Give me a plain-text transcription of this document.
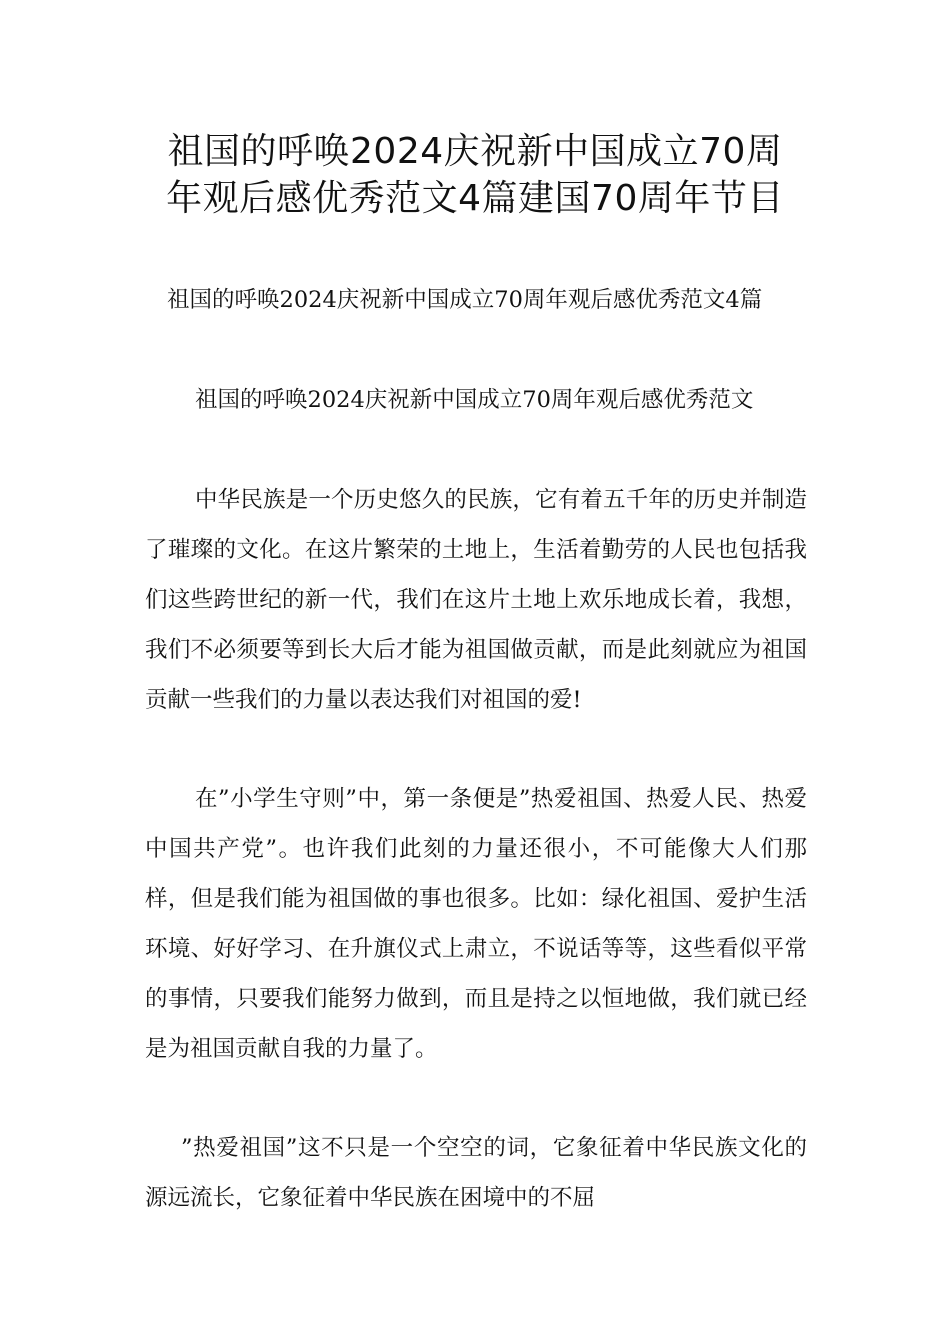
祖国的呼唤2024庆祝新中国成立70周
年观后感优秀范文4篇建国70周年节目

祖国的呼唤2024庆祝新中国成立70周年观后感优秀范文4篇

祖国的呼唤2024庆祝新中国成立70周年观后感优秀范文

中华民族是一个历史悠久的民族，它有着五千年的历史并制造了璀璨的文化。在这片繁荣的土地上，生活着勤劳的人民也包括我们这些跨世纪的新一代，我们在这片土地上欢乐地成长着，我想，我们不必须要等到长大后才能为祖国做贡献，而是此刻就应为祖国贡献一些我们的力量以表达我们对祖国的爱!

在”小学生守则”中，第一条便是”热爱祖国、热爱人民、热爱中国共产党”。也许我们此刻的力量还很小，不可能像大人们那样，但是我们能为祖国做的事也很多。比如：绿化祖国、爱护生活环境、好好学习、在升旗仪式上肃立，不说话等等，这些看似平常的事情，只要我们能努力做到，而且是持之以恒地做，我们就已经是为祖国贡献自我的力量了。

”热爱祖国”这不只是一个空空的词，它象征着中华民族文化的源远流长，它象征着中华民族在困境中的不屈
